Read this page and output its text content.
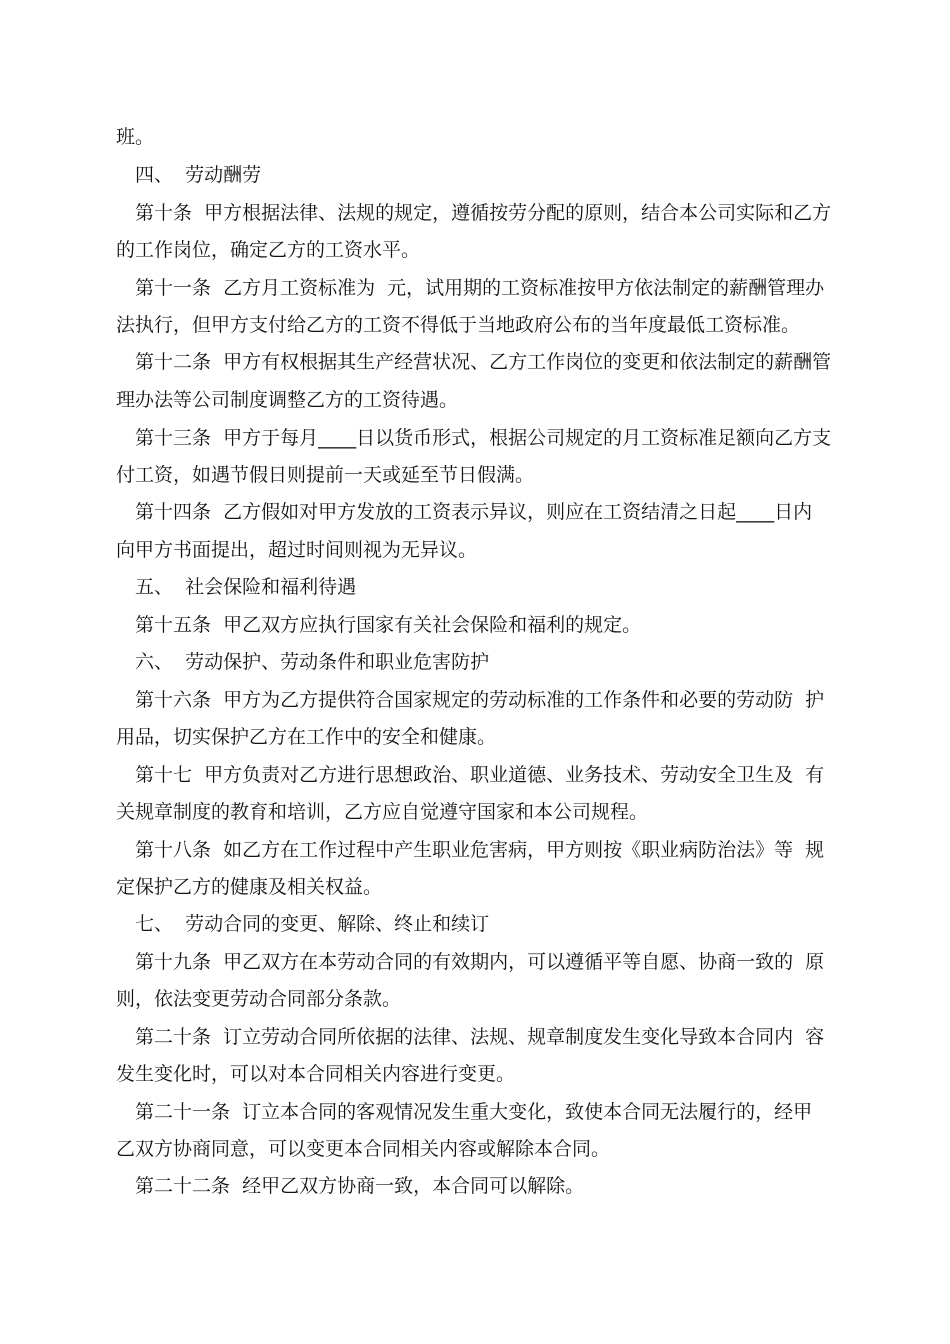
班。
四、  劳动酬劳
第十条  甲方根据法律、法规的规定，遵循按劳分配的原则，结合本公司实际和乙方
的工作岗位，确定乙方的工资水平。
第十一条  乙方月工资标准为  元，试用期的工资标准按甲方依法制定的薪酬管理办
法执行，但甲方支付给乙方的工资不得低于当地政府公布的当年度最低工资标准。
第十二条  甲方有权根据其生产经营状况、乙方工作岗位的变更和依法制定的薪酬管
理办法等公司制度调整乙方的工资待遇。
第十三条  甲方于每月____日以货币形式，根据公司规定的月工资标准足额向乙方支
付工资，如遇节假日则提前一天或延至节日假满。
第十四条  乙方假如对甲方发放的工资表示异议，则应在工资结清之日起____日内
向甲方书面提出，超过时间则视为无异议。
五、  社会保险和福利待遇
第十五条  甲乙双方应执行国家有关社会保险和福利的规定。
六、  劳动保护、劳动条件和职业危害防护
第十六条  甲方为乙方提供符合国家规定的劳动标准的工作条件和必要的劳动防  护
用品，切实保护乙方在工作中的安全和健康。
第十七  甲方负责对乙方进行思想政治、职业道德、业务技术、劳动安全卫生及  有
关规章制度的教育和培训，乙方应自觉遵守国家和本公司规程。
第十八条  如乙方在工作过程中产生职业危害病，甲方则按《职业病防治法》等  规
定保护乙方的健康及相关权益。
七、  劳动合同的变更、解除、终止和续订
第十九条  甲乙双方在本劳动合同的有效期内，可以遵循平等自愿、协商一致的  原
则，依法变更劳动合同部分条款。
第二十条  订立劳动合同所依据的法律、法规、规章制度发生变化导致本合同内  容
发生变化时，可以对本合同相关内容进行变更。
第二十一条  订立本合同的客观情况发生重大变化，致使本合同无法履行的，经甲
乙双方协商同意，可以变更本合同相关内容或解除本合同。
第二十二条  经甲乙双方协商一致，本合同可以解除。
